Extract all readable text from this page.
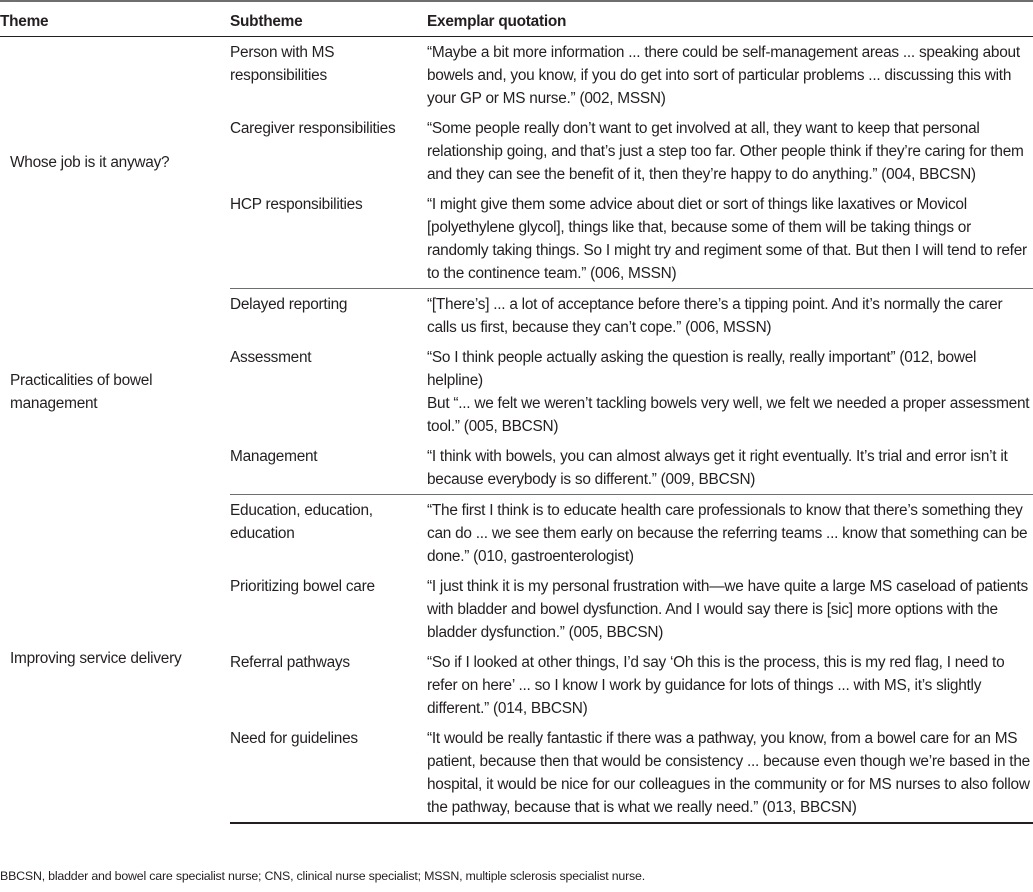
Theme	Subtheme	Exemplar quotation
Whose job is it anyway?	Person with MS responsibilities	“Maybe a bit more information ... there could be self-management areas ... speaking about bowels and, you know, if you do get into sort of particular problems ... discussing this with your GP or MS nurse.” (002, MSSN)

	Caregiver responsibilities	“Some people really don’t want to get involved at all, they want to keep that personal relationship going, and that’s just a step too far. Other people think if they’re caring for them and they can see the benefit of it, then they’re happy to do anything.” (004, BBCSN)

	HCP responsibilities	“I might give them some advice about diet or sort of things like laxatives or Movicol [polyethylene glycol], things like that, because some of them will be taking things or randomly taking things. So I might try and regiment some of that. But then I will tend to refer to the continence team.” (006, MSSN)

Practicalities of bowel management	Delayed reporting	“[There’s] ... a lot of acceptance before there’s a tipping point. And it’s normally the carer calls us first, because they can’t cope.” (006, MSSN)

	Assessment	“So I think people actually asking the question is really, really important” (012, bowel helpline)

But “... we felt we weren’t tackling bowels very well, we felt we needed a proper assessment tool.” (005, BBCSN)

	Management	“I think with bowels, you can almost always get it right eventually. It’s trial and error isn’t it because everybody is so different.” (009, BBCSN)

Improving service delivery	Education, education, education	“The first I think is to educate health care professionals to know that there’s something they can do ... we see them early on because the referring teams ... know that something can be done.” (010, gastroenterologist)

	Prioritizing bowel care	“I just think it is my personal frustration with—we have quite a large MS caseload of patients with bladder and bowel dysfunction. And I would say there is [sic] more options with the bladder dysfunction.” (005, BBCSN)

	Referral pathways	“So if I looked at other things, I’d say ‘Oh this is the process, this is my red flag, I need to refer on here’ ... so I know I work by guidance for lots of things ... with MS, it’s slightly different.” (014, BBCSN)

	Need for guidelines	“It would be really fantastic if there was a pathway, you know, from a bowel care for an MS patient, because then that would be consistency ... because even though we’re based in the hospital, it would be nice for our colleagues in the community or for MS nurses to also follow the pathway, because that is what we really need.” (013, BBCSN)

BBCSN, bladder and bowel care specialist nurse; CNS, clinical nurse specialist; MSSN, multiple sclerosis specialist nurse.
